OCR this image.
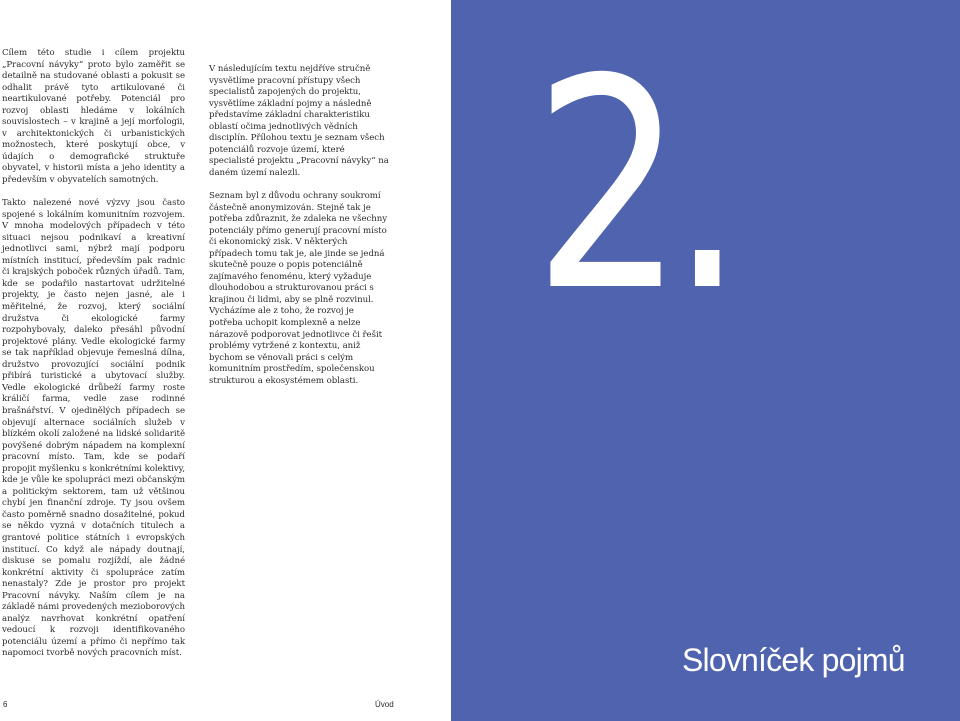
Cílem této studie i cílem projektu „Pracovní návyky“ proto bylo zaměřit se detailně na studované oblasti a pokusit se odhalit právě tyto artikulované či neartikulované potřeby. Potenciál pro rozvoj oblasti hledáme v lokálních souvislostech – v krajině a její morfologii, v architektonických či urbanistických možnostech, které poskytují obce, v údajích o demografické struktuře obyvatel, v historii místa a jeho identity a především v obyvatelích samotných.

Takto nalezené nové výzvy jsou často spojené s lokálním komunitním rozvojem. V mnoha modelových případech v této situaci nejsou podnikaví a kreativní jednotlivci sami, nýbrž mají podporu místních institucí, především pak radnic či krajských poboček různých úřadů. Tam, kde se podařilo nastartovat udržitelné projekty, je často nejen jasné, ale i měřitelné, že rozvoj, který sociální družstva či ekologické farmy rozpohybovaly, daleko přesáhl původní projektové plány. Vedle ekologické farmy se tak například objevuje řemeslná dílna, družstvo provozující sociální podnik přibírá turistické a ubytovací služby. Vedle ekologické drůbeží farmy roste králičí farma, vedle zase rodinné brašnářství. V ojedinělých případech se objevují alternace sociálních služeb v blízkém okolí založené na lidské solidaritě povýšené dobrým nápadem na komplexní pracovní místo. Tam, kde se podaří propojit myšlenku s konkrétními kolektivy, kde je vůle ke spolupráci mezi občanským a politickým sektorem, tam už většinou chybí jen finanční zdroje. Ty jsou ovšem často poměrně snadno dosažitelné, pokud se někdo vyzná v dotačních titulech a grantové politice státních i evropských institucí. Co když ale nápady doutnají, diskuse se pomalu rozjíždí, ale žádné konkrétní aktivity či spolupráce zatím nenastaly? Zde je prostor pro projekt Pracovní návyky. Naším cílem je na základě námi provedených mezioborových analýz navrhovat konkrétní opatření vedoucí k rozvoji identifikovaného potenciálu území a přímo či nepřímo tak napomoci tvorbě nových pracovních míst.

V následujícím textu nejdříve stručně vysvětlíme pracovní přístupy všech specialistů zapojených do projektu, vysvětlíme základní pojmy a následně představíme základní charakteristiku oblastí očima jednotlivých vědních disciplín. Přílohou textu je seznam všech potenciálů rozvoje území, které specialisté projektu „Pracovní návyky“ na daném území nalezli.

Seznam byl z důvodu ochrany soukromí částečně anonymizován. Stejně tak je potřeba zdůraznit, že zdaleka ne všechny potenciály přímo generují pracovní místo či ekonomický zisk. V některých případech tomu tak je, ale jinde se jedná skutečně pouze o popis potenciálně zajímavého fenoménu, který vyžaduje dlouhodobou a strukturovanou práci s krajinou či lidmi, aby se plně rozvinul. Vycházíme ale z toho, že rozvoj je potřeba uchopit komplexně a nelze nárazově podporovat jednotlivce či řešit problémy vytržené z kontextu, aniž bychom se věnovali práci s celým komunitním prostředím, společenskou strukturou a ekosystémem oblasti.

2.
Slovníček pojmů
6	Úvod
